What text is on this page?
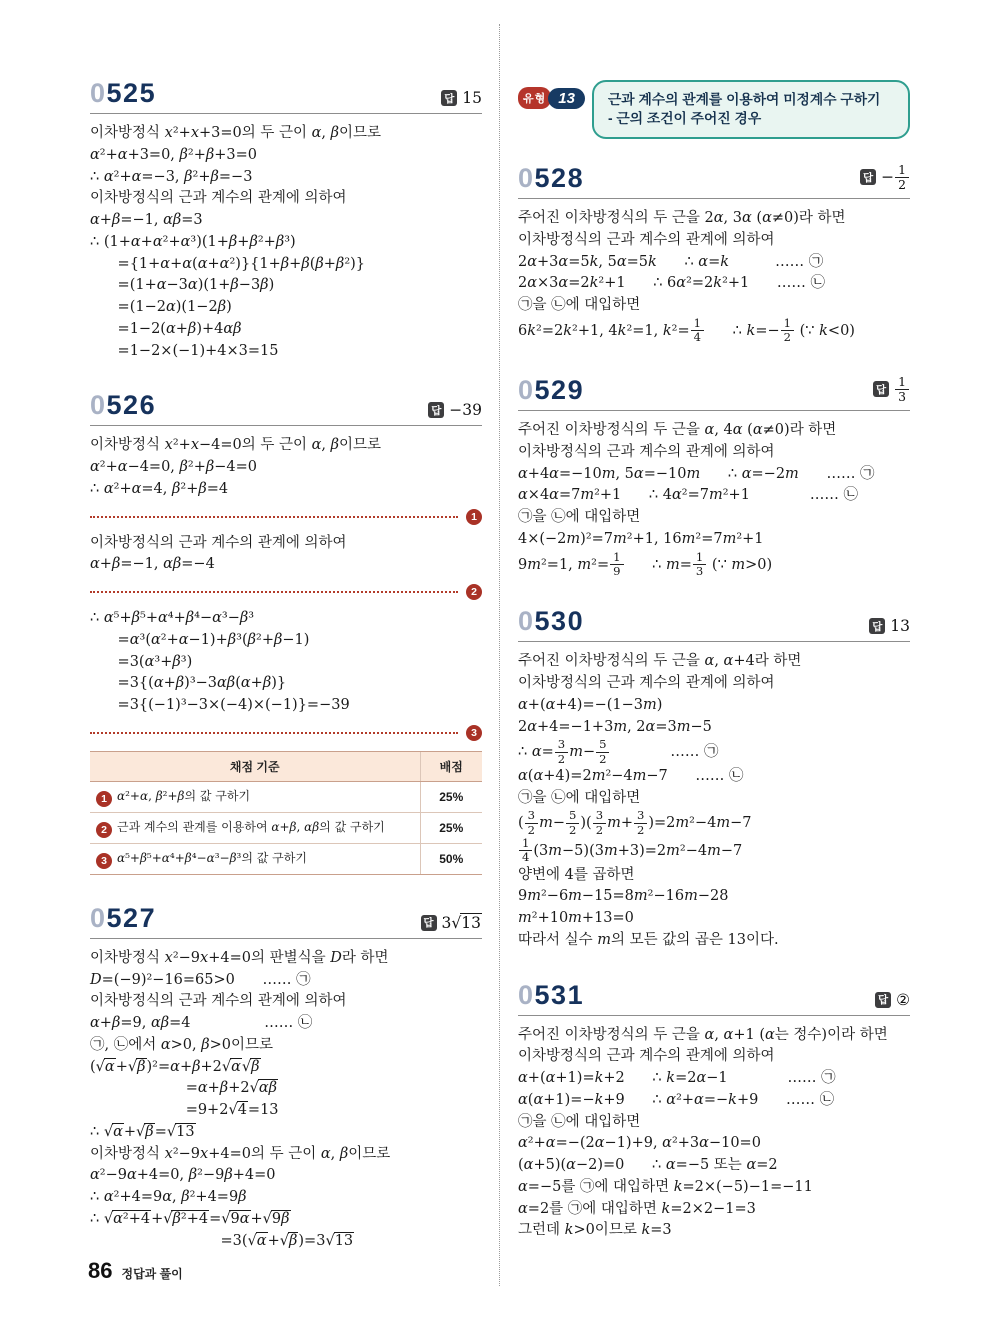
0525	답 15
이차방정식 x²+x+3=0의 두 근이 α, β이므로
α²+α+3=0, β²+β+3=0
∴ α²+α=−3, β²+β=−3
이차방정식의 근과 계수의 관계에 의하여
α+β=−1, αβ=3
∴ (1+α+α²+α³)(1+β+β²+β³)
={1+α+α(α+α²)}{1+β+β(β+β²)}
=(1+α−3α)(1+β−3β)
=(1−2α)(1−2β)
=1−2(α+β)+4αβ
=1−2×(−1)+4×3=15
0526	답 −39
이차방정식 x²+x−4=0의 두 근이 α, β이므로
α²+α−4=0, β²+β−4=0
∴ α²+α=4, β²+β=4
1
이차방정식의 근과 계수의 관계에 의하여
α+β=−1, αβ=−4
2
∴ α⁵+β⁵+α⁴+β⁴−α³−β³
=α³(α²+α−1)+β³(β²+β−1)
=3(α³+β³)
=3{(α+β)³−3αβ(α+β)}
=3{(−1)³−3×(−4)×(−1)}=−39
3
채점 기준	배점
1 α²+α, β²+β의 값 구하기	25%
2 근과 계수의 관계를 이용하여 α+β, αβ의 값 구하기	25%
3 α⁵+β⁵+α⁴+β⁴−α³−β³의 값 구하기	50%
0527	답 3√13
이차방정식 x²−9x+4=0의 판별식을 D라 하면
D=(−9)²−16=65>0      …… ㉠
이차방정식의 근과 계수의 관계에 의하여
α+β=9, αβ=4                …… ㉡
㉠, ㉡에서 α>0, β>0이므로
(√α+√β)²=α+β+2√α√β
=α+β+2√αβ
=9+2√4=13
∴ √α+√β=√13
이차방정식 x²−9x+4=0의 두 근이 α, β이므로
α²−9α+4=0, β²−9β+4=0
∴ α²+4=9α, β²+4=9β
∴ √α²+4+√β²+4=√9α+√9β
=3(√α+√β)=3√13
유형 13	근과 계수의 관계를 이용하여 미정계수 구하기
- 근의 조건이 주어진 경우
0528	답 − $\frac{1}{2}$
주어진 이차방정식의 두 근을 2α, 3α (α≠0)라 하면
이차방정식의 근과 계수의 관계에 의하여
2α+3α=5k, 5α=5k      ∴ α=k          …… ㉠
2α×3α=2k²+1      ∴ 6α²=2k²+1      …… ㉡
㉠을 ㉡에 대입하면
6k²=2k²+1, 4k²=1, $k^2= \frac{1}{4}$ ∴ $k=- \frac{1}{2}$ (∵ k<0)
0529	답 $\frac{1}{3}$
주어진 이차방정식의 두 근을 α, 4α (α≠0)라 하면
이차방정식의 근과 계수의 관계에 의하여
α+4α=−10m, 5α=−10m      ∴ α=−2m      …… ㉠
α×4α=7m²+1      ∴ 4α²=7m²+1             …… ㉡
㉠을 ㉡에 대입하면
4×(−2m)²=7m²+1, 16m²=7m²+1
9m²=1, $m^2= \frac{1}{9}$ ∴ $m= \frac{1}{3}$ (∵ m>0)
0530	답 13
주어진 이차방정식의 두 근을 α, α+4라 하면
이차방정식의 근과 계수의 관계에 의하여
α+(α+4)=−(1−3m)
2α+4=−1+3m, 2α=3m−5
∴ $\alpha= \frac{3}{2} m- \frac{5}{2}$ …… ㉠
α(α+4)=2m²−4m−7      …… ㉡
㉠을 ㉡에 대입하면
( $\frac{3}{2} m- \frac{5}{2}$ )( $\frac{3}{2} m+ \frac{3}{2} )=2m^2-4m-7$
$\frac{1}{4} (3m-5)(3m+3)=2m^2-4m-7$
양변에 4를 곱하면
9m²−6m−15=8m²−16m−28
m²+10m+13=0
따라서 실수 m의 모든 값의 곱은 13이다.
0531	답 ②
주어진 이차방정식의 두 근을 α, α+1 (α는 정수)이라 하면
이차방정식의 근과 계수의 관계에 의하여
α+(α+1)=k+2      ∴ k=2α−1             …… ㉠
α(α+1)=−k+9      ∴ α²+α=−k+9      …… ㉡
㉠을 ㉡에 대입하면
α²+α=−(2α−1)+9, α²+3α−10=0
(α+5)(α−2)=0      ∴ α=−5 또는 α=2
α=−5를 ㉠에 대입하면 k=2×(−5)−1=−11
α=2를 ㉠에 대입하면 k=2×2−1=3
그런데 k>0이므로 k=3
86 정답과 풀이
